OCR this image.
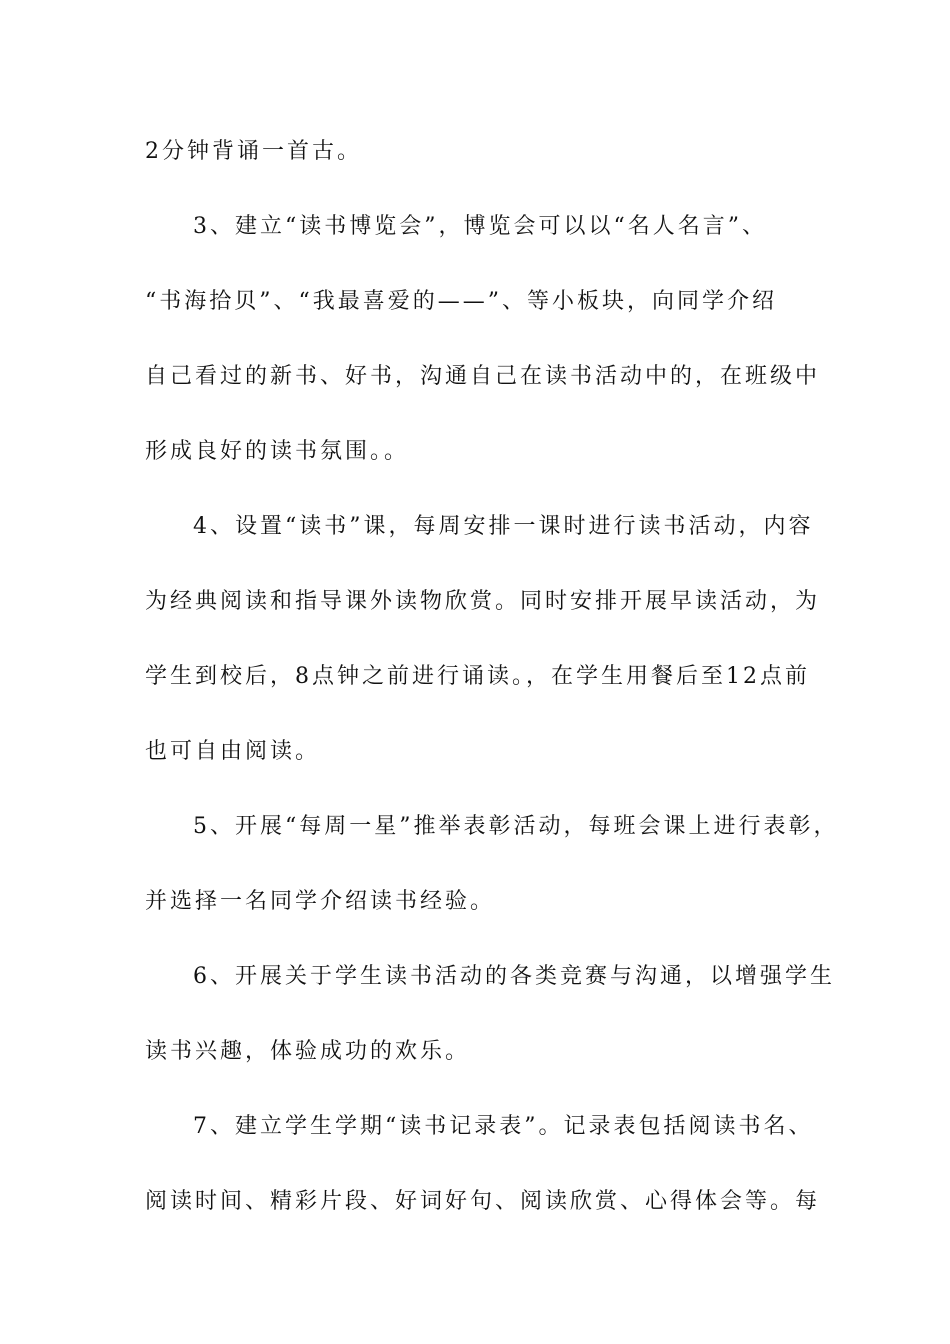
2分钟背诵一首古。
3、建立“读书博览会”，博览会可以以“名人名言”、
“书海拾贝”、“我最喜爱的——”、等小板块，向同学介绍
自己看过的新书、好书，沟通自己在读书活动中的，在班级中
形成良好的读书氛围。。
4、设置“读书”课，每周安排一课时进行读书活动，内容
为经典阅读和指导课外读物欣赏。同时安排开展早读活动，为
学生到校后，8点钟之前进行诵读。，在学生用餐后至12点前
也可自由阅读。
5、开展“每周一星”推举表彰活动，每班会课上进行表彰，
并选择一名同学介绍读书经验。
6、开展关于学生读书活动的各类竞赛与沟通，以增强学生
读书兴趣，体验成功的欢乐。
7、建立学生学期“读书记录表”。记录表包括阅读书名、
阅读时间、精彩片段、好词好句、阅读欣赏、心得体会等。每
